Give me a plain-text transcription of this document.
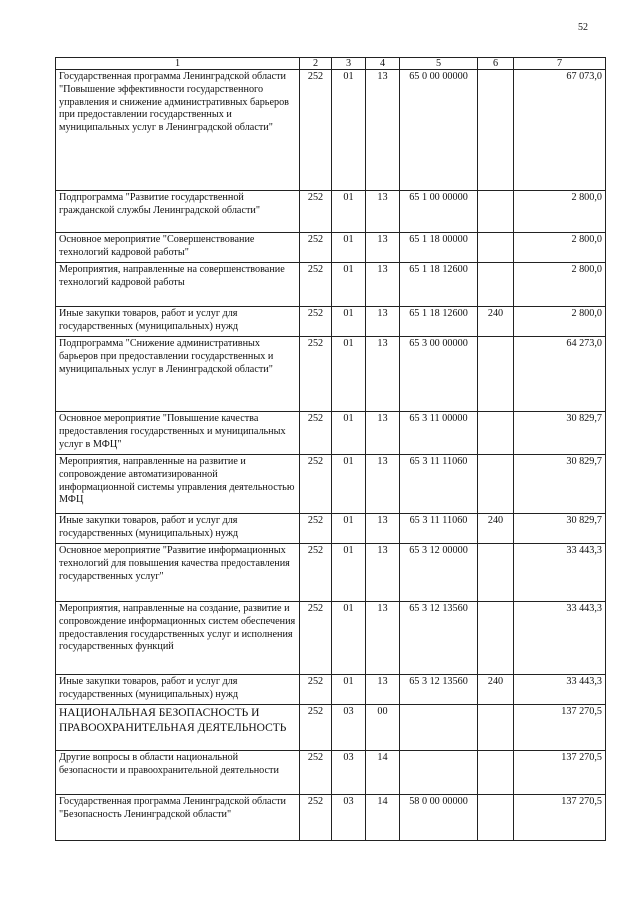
52
1	2	3	4	5	6	7
Государственная программа Ленинградской области "Повышение эффективности государственного управления и снижение административных барьеров при предоставлении государственных и муниципальных услуг в Ленинградской области"	252	01	13	65 0 00 00000		67 073,0
Подпрограмма "Развитие государственной гражданской службы Ленинградской области"	252	01	13	65 1 00 00000		2 800,0
Основное мероприятие "Совершенствование технологий кадровой работы"	252	01	13	65 1 18 00000		2 800,0
Мероприятия, направленные на совершенствование технологий кадровой работы	252	01	13	65 1 18 12600		2 800,0
Иные закупки товаров, работ и услуг для государственных (муниципальных) нужд	252	01	13	65 1 18 12600	240	2 800,0
Подпрограмма "Снижение административных барьеров при предоставлении государственных и муниципальных услуг в Ленинградской области"	252	01	13	65 3 00 00000		64 273,0
Основное мероприятие "Повышение качества предоставления государственных и муниципальных услуг в МФЦ"	252	01	13	65 3 11 00000		30 829,7
Мероприятия, направленные на развитие и сопровождение автоматизированной информационной системы управления деятельностью МФЦ	252	01	13	65 3 11 11060		30 829,7
Иные закупки товаров, работ и услуг для государственных (муниципальных) нужд	252	01	13	65 3 11 11060	240	30 829,7
Основное мероприятие "Развитие информационных технологий для повышения качества предоставления государственных услуг"	252	01	13	65 3 12 00000		33 443,3
Мероприятия, направленные на создание, развитие и сопровождение информационных систем обеспечения предоставления государственных услуг и исполнения государственных функций	252	01	13	65 3 12 13560		33 443,3
Иные закупки товаров, работ и услуг для государственных (муниципальных) нужд	252	01	13	65 3 12 13560	240	33 443,3
НАЦИОНАЛЬНАЯ БЕЗОПАСНОСТЬ И ПРАВООХРАНИТЕЛЬНАЯ ДЕЯТЕЛЬНОСТЬ	252	03	00			137 270,5
Другие вопросы в области национальной безопасности и правоохранительной деятельности	252	03	14			137 270,5
Государственная программа Ленинградской области "Безопасность Ленинградской области"	252	03	14	58 0 00 00000		137 270,5
